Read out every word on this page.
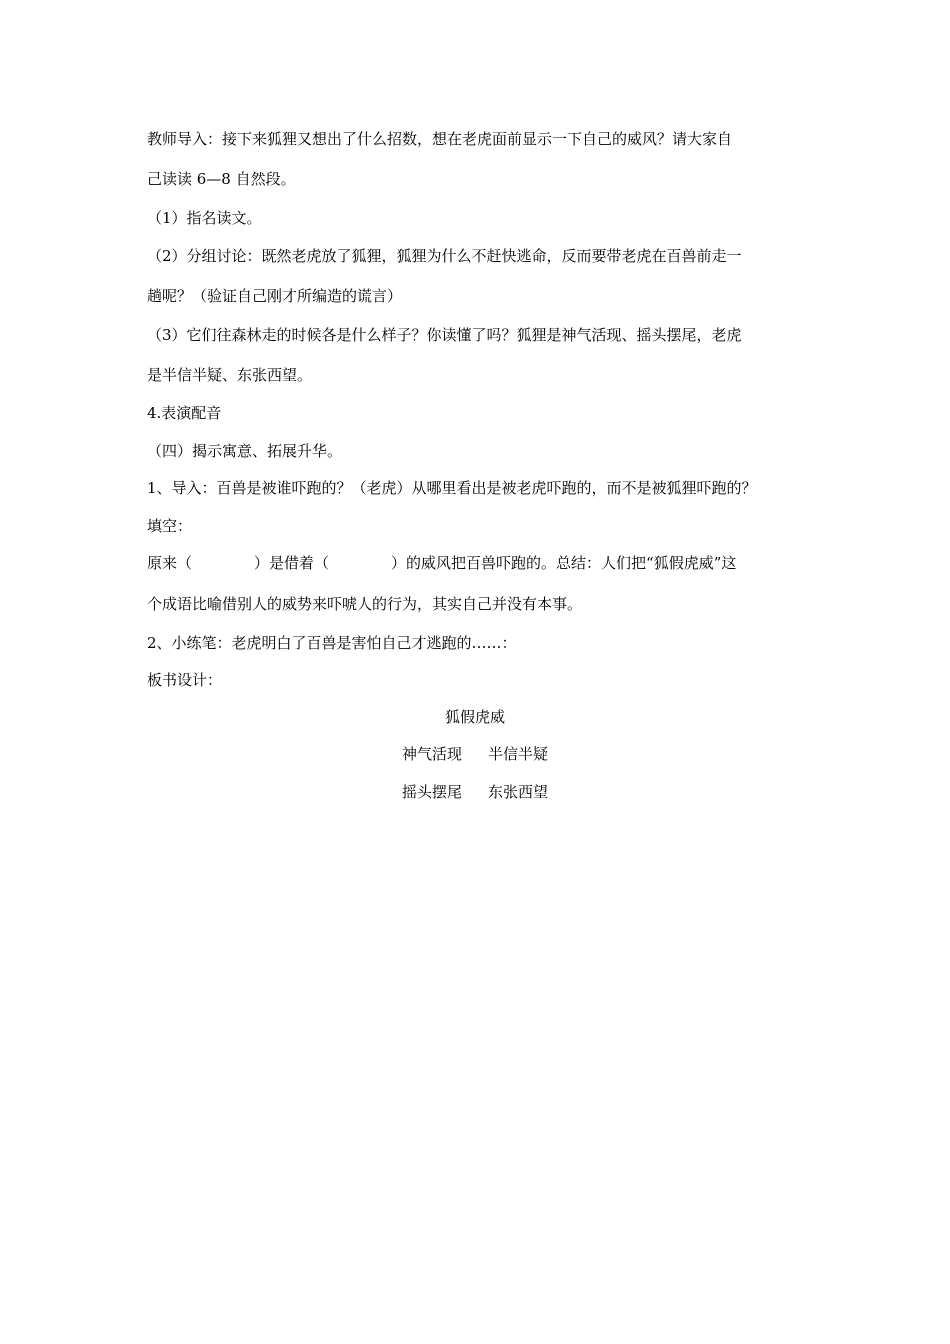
教师导入：接下来狐狸又想出了什么招数，想在老虎面前显示一下自己的威风？请大家自
己读读 6—8 自然段。
（1）指名读文。
（2）分组讨论：既然老虎放了狐狸，狐狸为什么不赶快逃命，反而要带老虎在百兽前走一
趟呢？（验证自己刚才所编造的谎言）
（3）它们往森林走的时候各是什么样子？你读懂了吗？狐狸是神气活现、摇头摆尾，老虎
是半信半疑、东张西望。
4.表演配音
（四）揭示寓意、拓展升华。
1、导入：百兽是被谁吓跑的？（老虎）从哪里看出是被老虎吓跑的，而不是被狐狸吓跑的？
填空：
原来（	）是借着（	）的威风把百兽吓跑的。总结：人们把“狐假虎威”这
个成语比喻借别人的威势来吓唬人的行为，其实自己并没有本事。
2、小练笔：老虎明白了百兽是害怕自己才逃跑的……：
板书设计：
狐假虎威
神气活现 半信半疑
摇头摆尾 东张西望
